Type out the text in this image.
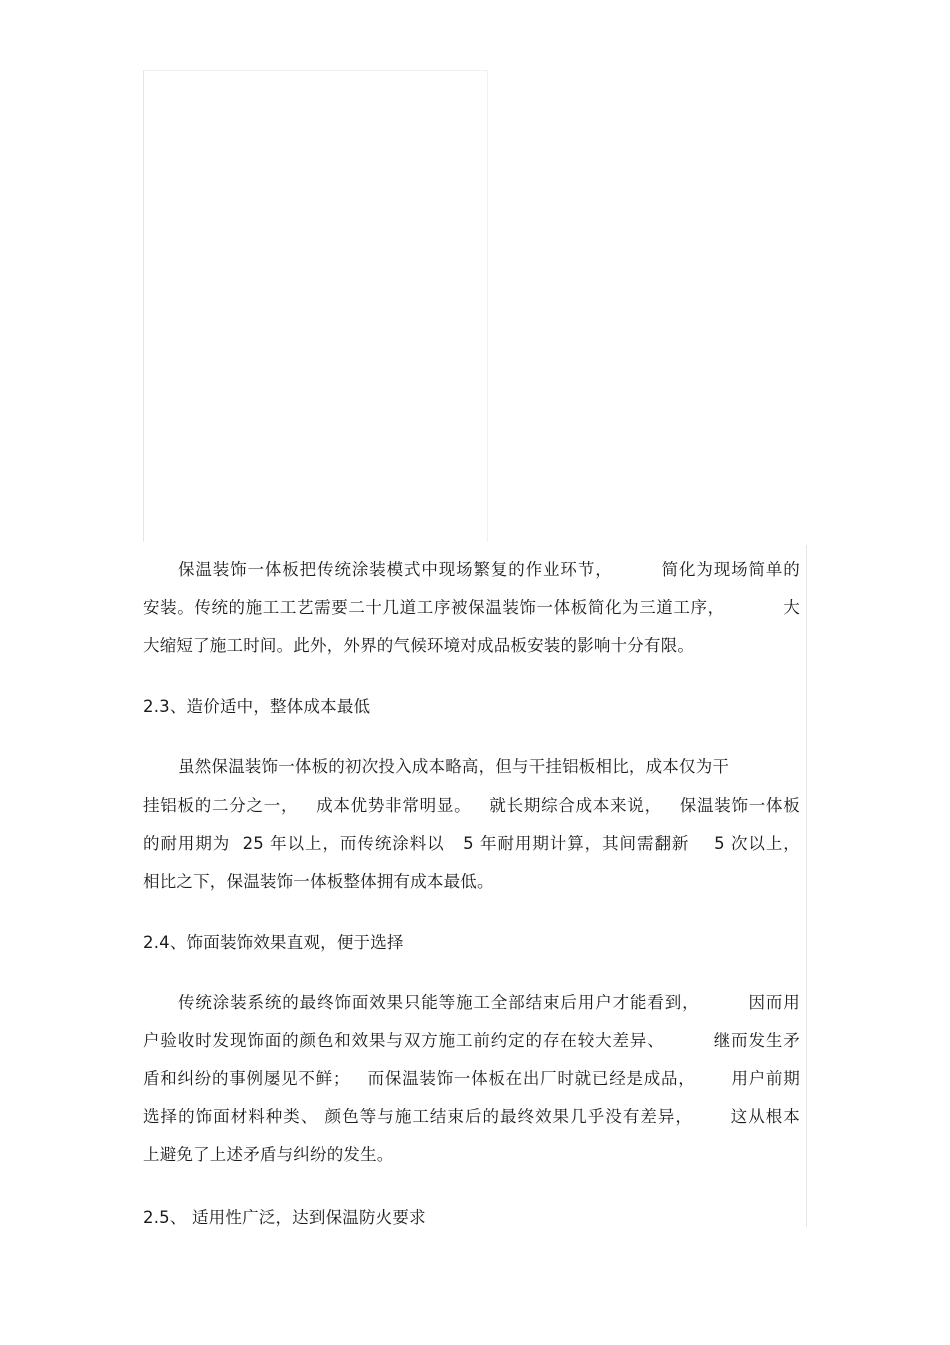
保温装饰一体板把传统涂装模式中现场繁复的作业环节，        简化为现场简单的
安装。传统的施工工艺需要二十几道工序被保温装饰一体板简化为三道工序，          大
大缩短了施工时间。此外，外界的气候环境对成品板安装的影响十分有限。
2.3、造价适中，整体成本最低
虽然保温装饰一体板的初次投入成本略高，但与干挂铝板相比，成本仅为干
挂铝板的二分之一，   成本优势非常明显。   就长期综合成本来说，   保温装饰一体板
的耐用期为  25 年以上，而传统涂料以   5 年耐用期计算，其间需翻新    5 次以上，
相比之下，保温装饰一体板整体拥有成本最低。
2.4、饰面装饰效果直观，便于选择
传统涂装系统的最终饰面效果只能等施工全部结束后用户才能看到，        因而用
户验收时发现饰面的颜色和效果与双方施工前约定的存在较大差异、        继而发生矛
盾和纠纷的事例屡见不鲜；   而保温装饰一体板在出厂时就已经是成品，      用户前期
选择的饰面材料种类、 颜色等与施工结束后的最终效果几乎没有差异，      这从根本
上避免了上述矛盾与纠纷的发生。
2.5、 适用性广泛，达到保温防火要求
